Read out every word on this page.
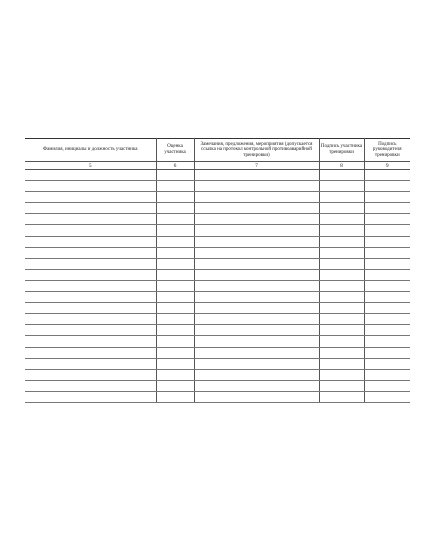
Фамилия, инициалы и должность участника	Оценка участника	Замечания, предложения, мероприятия (допускается ссылка на протокол контрольной противоаварийной тренировки)	Подпись участника тренировки	Подпись руководителя тренировки
5	6	7	8	9
